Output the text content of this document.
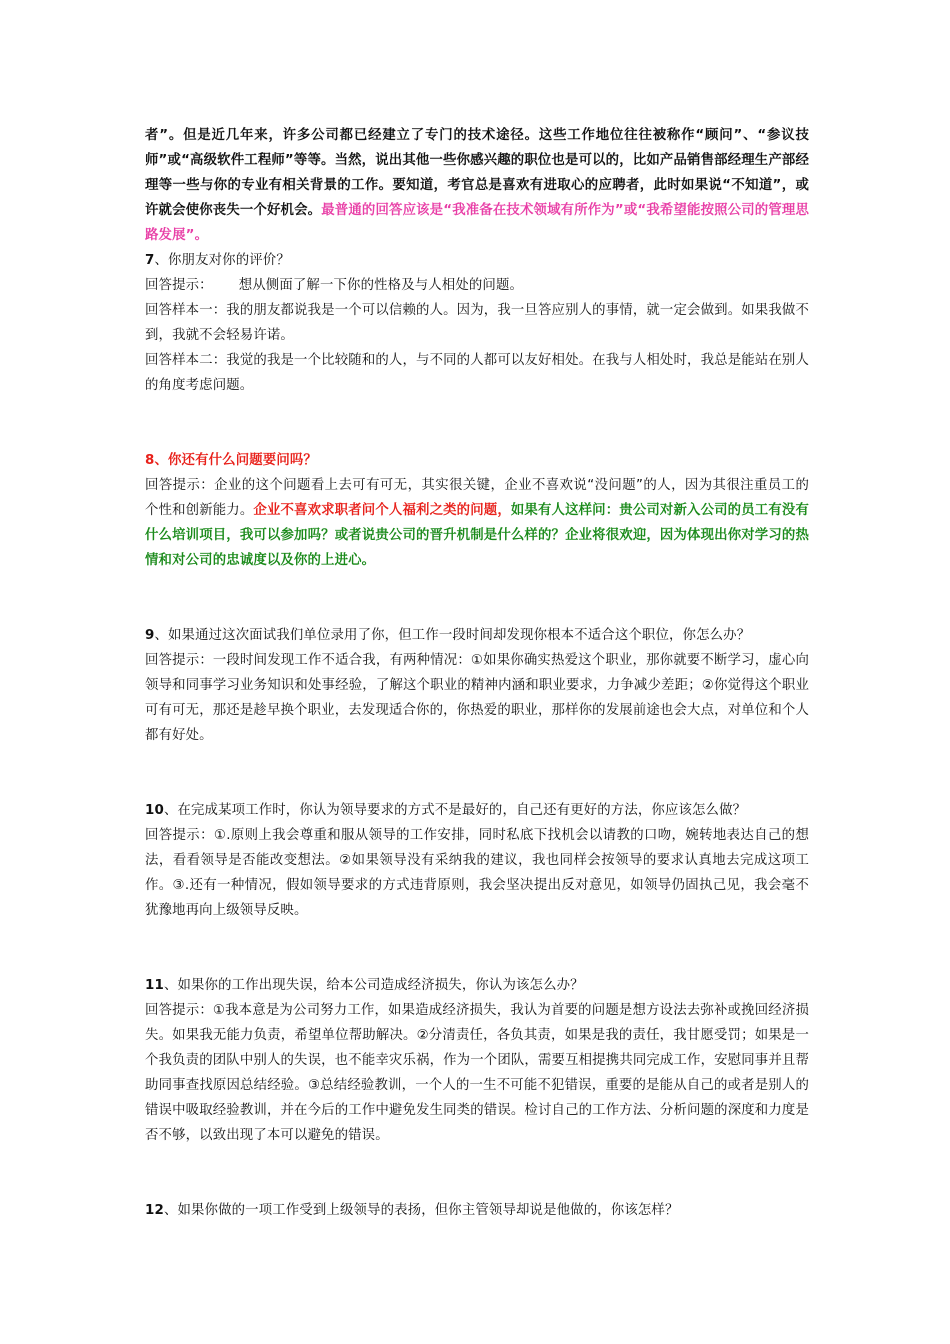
者”。但是近几年来，许多公司都已经建立了专门的技术途径。这些工作地位往往被称作“顾问”、“参议技师”或“高级软件工程师”等等。当然，说出其他一些你感兴趣的职位也是可以的，比如产品销售部经理生产部经理等一些与你的专业有相关背景的工作。要知道，考官总是喜欢有进取心的应聘者，此时如果说“不知道”，或许就会使你丧失一个好机会。最普通的回答应该是“我准备在技术领域有所作为”或“我希望能按照公司的管理思路发展”。

7、你朋友对你的评价？

回答提示： 想从侧面了解一下你的性格及与人相处的问题。

回答样本一：我的朋友都说我是一个可以信赖的人。因为，我一旦答应别人的事情，就一定会做到。如果我做不到，我就不会轻易许诺。

回答样本二：我觉的我是一个比较随和的人，与不同的人都可以友好相处。在我与人相处时，我总是能站在别人的角度考虑问题。

8、你还有什么问题要问吗？

回答提示：企业的这个问题看上去可有可无，其实很关键，企业不喜欢说“没问题”的人，因为其很注重员工的个性和创新能力。企业不喜欢求职者问个人福利之类的问题，如果有人这样问：贵公司对新入公司的员工有没有什么培训项目，我可以参加吗？或者说贵公司的晋升机制是什么样的？企业将很欢迎，因为体现出你对学习的热情和对公司的忠诚度以及你的上进心。

9、如果通过这次面试我们单位录用了你，但工作一段时间却发现你根本不适合这个职位，你怎么办？

回答提示：一段时间发现工作不适合我，有两种情况：①如果你确实热爱这个职业，那你就要不断学习，虚心向领导和同事学习业务知识和处事经验，了解这个职业的精神内涵和职业要求，力争减少差距；②你觉得这个职业可有可无，那还是趁早换个职业，去发现适合你的，你热爱的职业，那样你的发展前途也会大点，对单位和个人都有好处。

10、在完成某项工作时，你认为领导要求的方式不是最好的，自己还有更好的方法，你应该怎么做？

回答提示：①.原则上我会尊重和服从领导的工作安排，同时私底下找机会以请教的口吻，婉转地表达自己的想法，看看领导是否能改变想法。②如果领导没有采纳我的建议，我也同样会按领导的要求认真地去完成这项工作。③.还有一种情况，假如领导要求的方式违背原则，我会坚决提出反对意见，如领导仍固执己见，我会毫不犹豫地再向上级领导反映。

11、如果你的工作出现失误，给本公司造成经济损失，你认为该怎么办？

回答提示：①我本意是为公司努力工作，如果造成经济损失，我认为首要的问题是想方设法去弥补或挽回经济损失。如果我无能力负责，希望单位帮助解决。②分清责任，各负其责，如果是我的责任，我甘愿受罚；如果是一个我负责的团队中别人的失误，也不能幸灾乐祸，作为一个团队，需要互相提携共同完成工作，安慰同事并且帮助同事查找原因总结经验。③总结经验教训，一个人的一生不可能不犯错误，重要的是能从自己的或者是别人的错误中吸取经验教训，并在今后的工作中避免发生同类的错误。检讨自己的工作方法、分析问题的深度和力度是否不够，以致出现了本可以避免的错误。

12、如果你做的一项工作受到上级领导的表扬，但你主管领导却说是他做的，你该怎样？
